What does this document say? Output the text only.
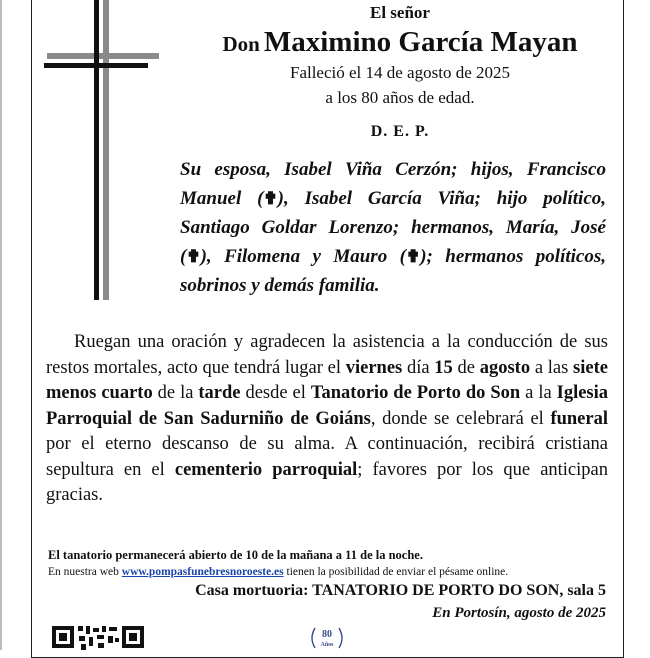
El señor
Don Maximino García Mayan
Falleció el 14 de agosto de 2025
a los 80 años de edad.
D. E. P.
Su esposa, Isabel Viña Cerzón; hijos, Francisco Manuel (✟), Isabel García Viña; hijo político, Santiago Goldar Lorenzo; hermanos, María, José (✟), Filomena y Mauro (✟); hermanos políticos, sobrinos y demás familia.

Ruegan una oración y agradecen la asistencia a la conducción de sus restos mortales, acto que tendrá lugar el viernes día 15 de agosto a las siete menos cuarto de la tarde desde el Tanatorio de Porto do Son a la Iglesia Parroquial de San Sadurniño de Goiáns, donde se celebrará el funeral por el eterno descanso de su alma. A continuación, recibirá cristiana sepultura en el cementerio parroquial; favores por los que anticipan gracias.

El tanatorio permanecerá abierto de 10 de la mañana a 11 de la noche.
En nuestra web www.pompasfunebresnoroeste.es tienen la posibilidad de enviar el pésame online.
Casa mortuoria: TANATORIO DE PORTO DO SON, sala 5
En Portosín, agosto de 2025
80
Años
